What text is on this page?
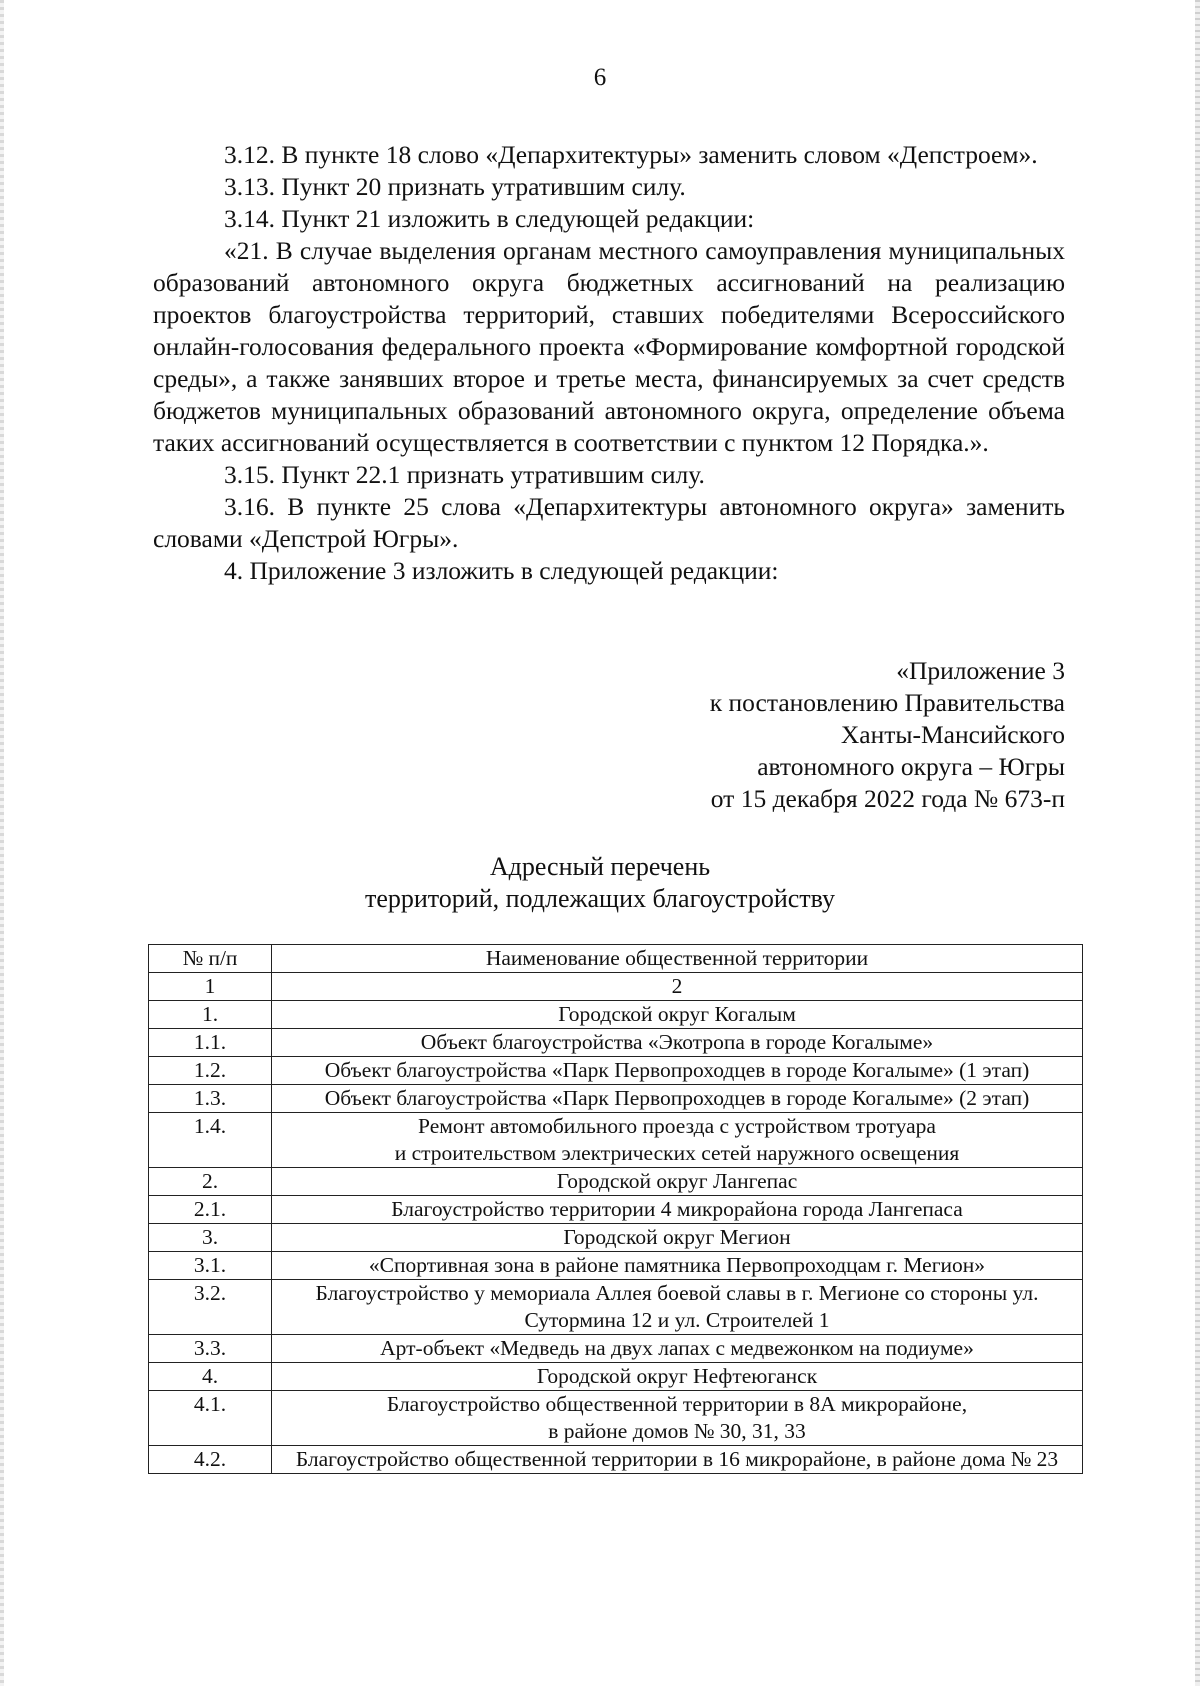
6

3.12. В пункте 18 слово «Депархитектуры» заменить словом «Депстроем».

3.13. Пункт 20 признать утратившим силу.

3.14. Пункт 21 изложить в следующей редакции:

«21. В случае выделения органам местного самоуправления муниципальных образований автономного округа бюджетных ассигнований на реализацию проектов благоустройства территорий, ставших победителями Всероссийского онлайн-голосования федерального проекта «Формирование комфортной городской среды», а также занявших второе и третье места, финансируемых за счет средств бюджетов муниципальных образований автономного округа, определение объема таких ассигнований осуществляется в соответствии с пунктом 12 Порядка.».

3.15. Пункт 22.1 признать утратившим силу.

3.16. В пункте 25 слова «Депархитектуры автономного округа» заменить словами «Депстрой Югры».

4. Приложение 3 изложить в следующей редакции:

«Приложение 3
к постановлению Правительства
Ханты-Мансийского
автономного округа – Югры
от 15 декабря 2022 года № 673-п
Адресный перечень
территорий, подлежащих благоустройству
№ п/п	Наименование общественной территории
1	2
1.	Городской округ Когалым
1.1.	Объект благоустройства «Экотропа в городе Когалыме»
1.2.	Объект благоустройства «Парк Первопроходцев в городе Когалыме» (1 этап)
1.3.	Объект благоустройства «Парк Первопроходцев в городе Когалыме» (2 этап)
1.4.	Ремонт автомобильного проезда с устройством тротуара
и строительством электрических сетей наружного освещения

2.	Городской округ Лангепас
2.1.	Благоустройство территории 4 микрорайона города Лангепаса
3.	Городской округ Мегион
3.1.	«Спортивная зона в районе памятника Первопроходцам г. Мегион»
3.2.	Благоустройство у мемориала Аллея боевой славы в г. Мегионе со стороны ул. Сутормина 12 и ул. Строителей 1
3.3.	Арт-объект «Медведь на двух лапах с медвежонком на подиуме»
4.	Городской округ Нефтеюганск
4.1.	Благоустройство общественной территории в 8А микрорайоне,
в районе домов № 30, 31, 33

4.2.	Благоустройство общественной территории в 16 микрорайоне, в районе дома № 23
